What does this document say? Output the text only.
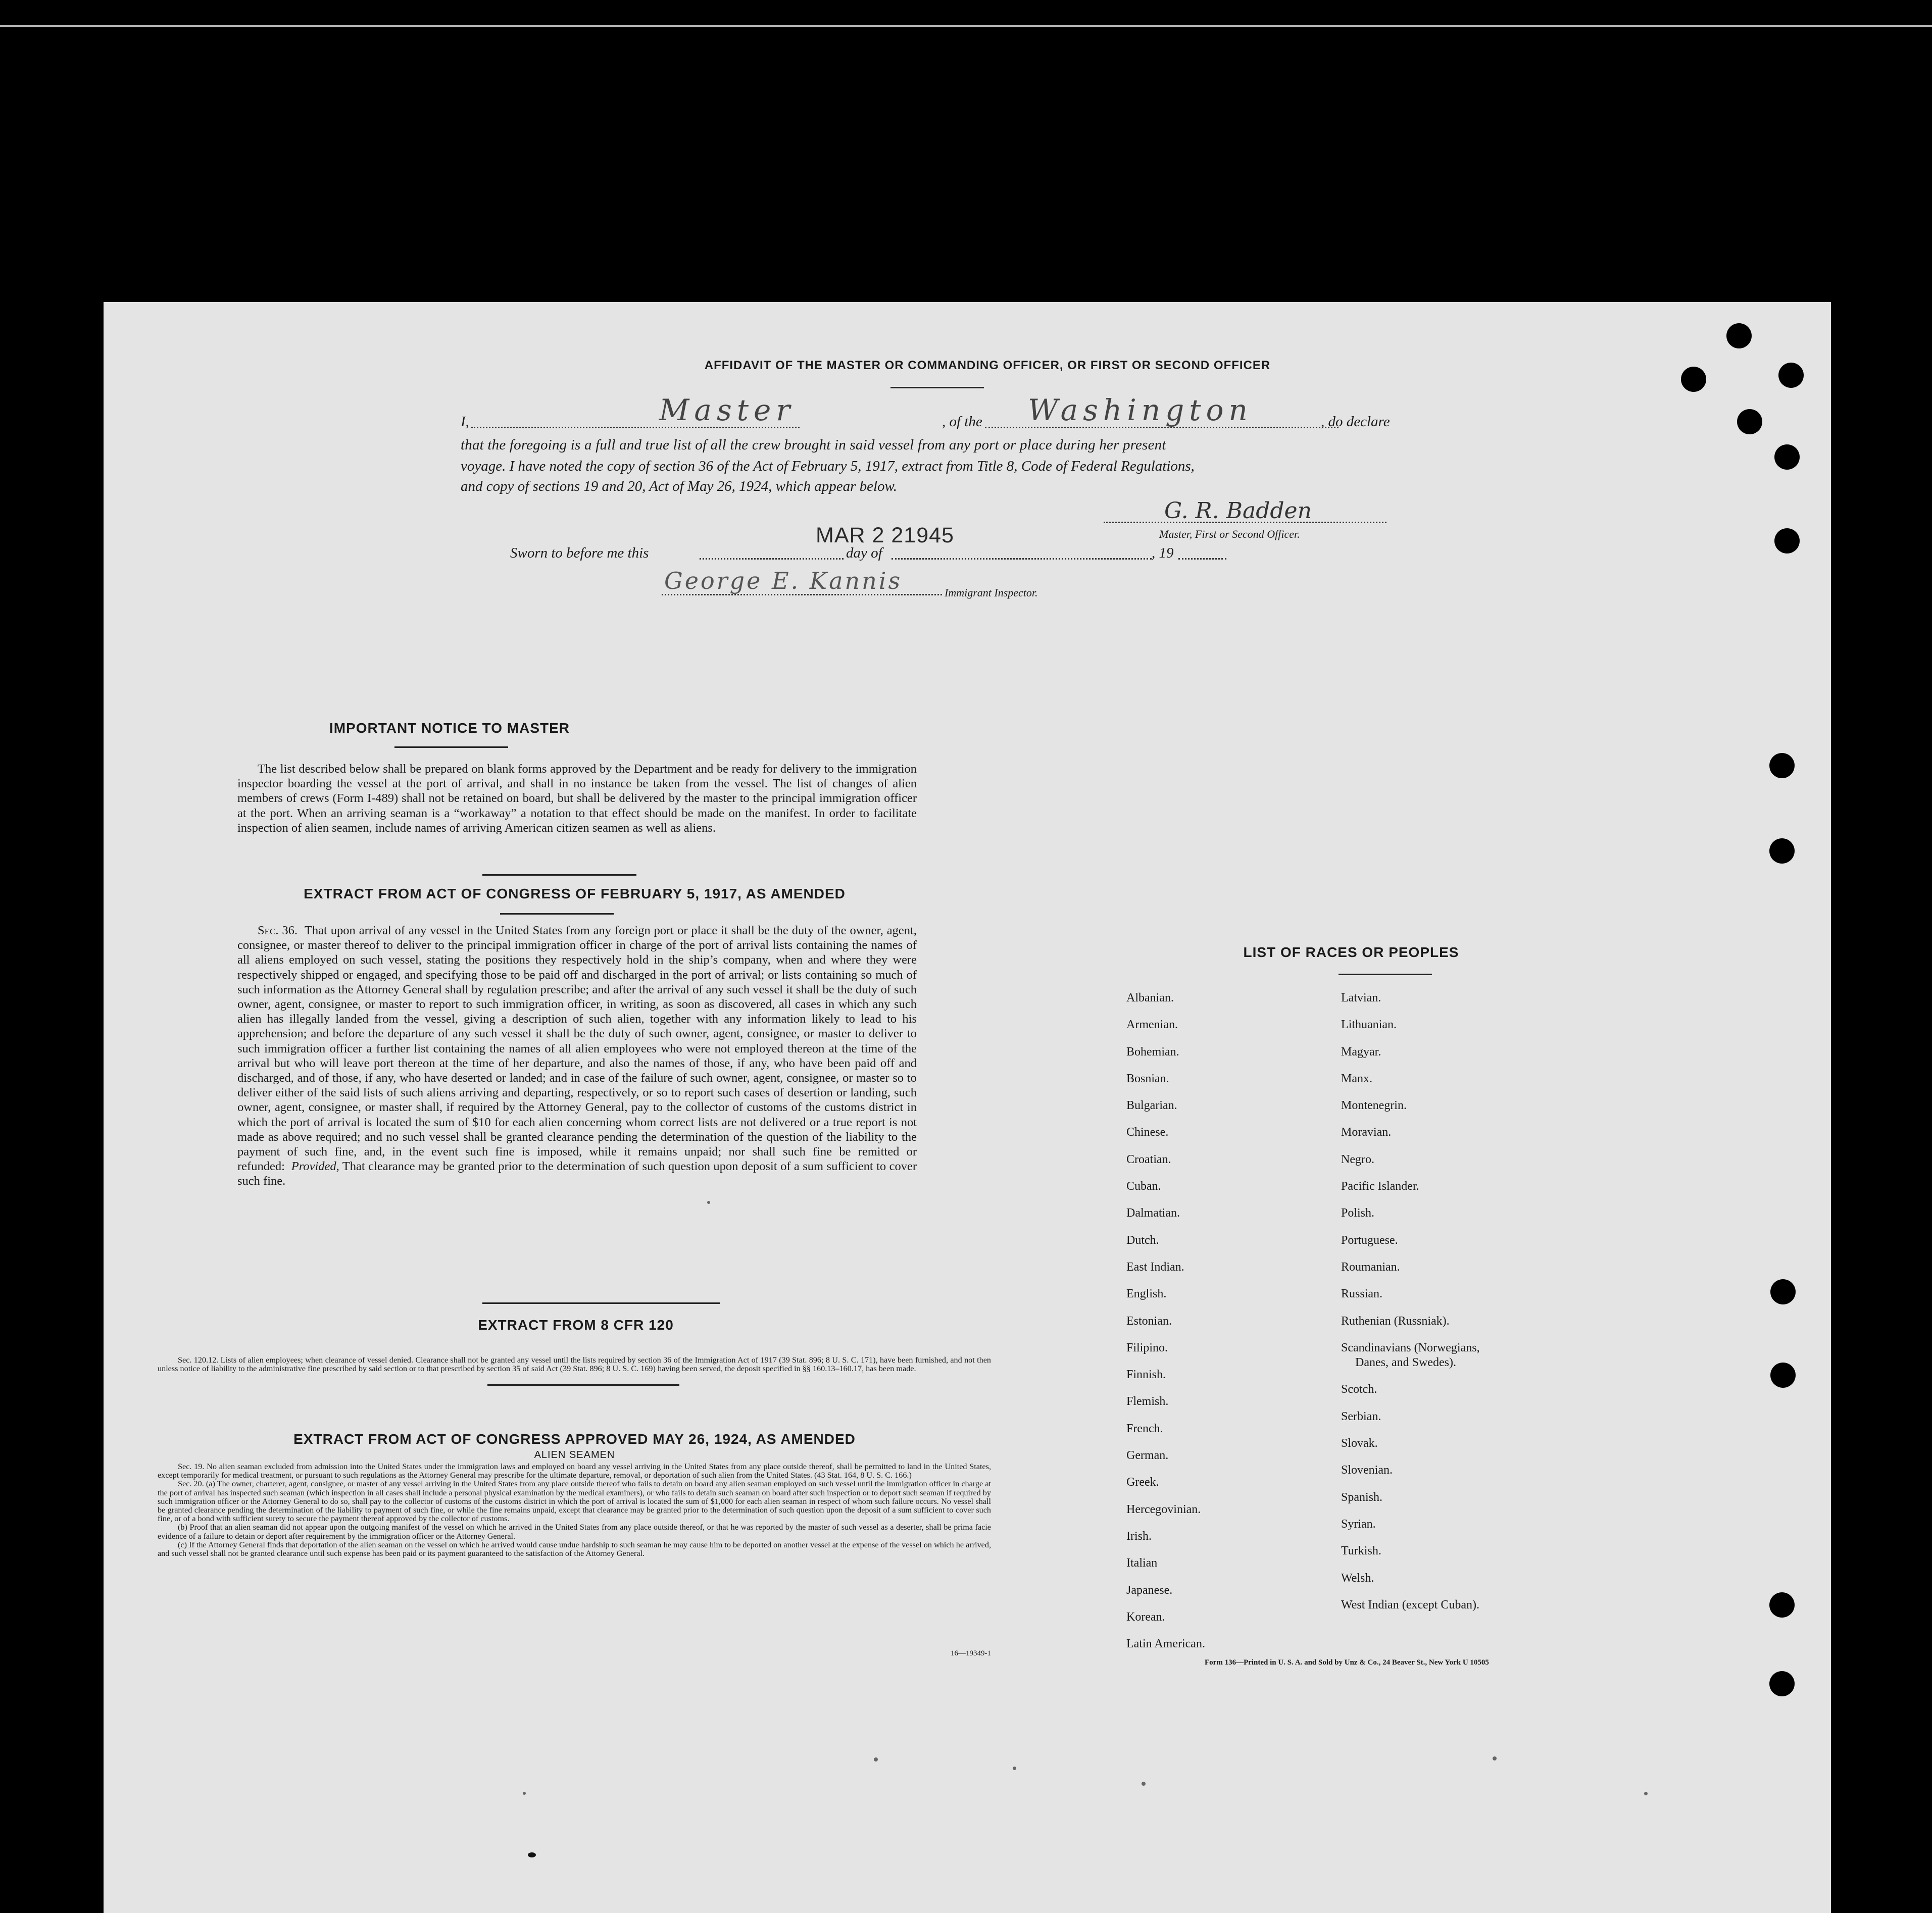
AFFIDAVIT OF THE MASTER OR COMMANDING OFFICER, OR FIRST OR SECOND OFFICER
I,	Master	, of the Washington	, do declare
that the foregoing is a full and true list of all the crew brought in said vessel from any port or place during her present
voyage. I have noted the copy of section 36 of the Act of February 5, 1917, extract from Title 8, Code of Federal Regulations,
and copy of sections 19 and 20, Act of May 26, 1924, which appear below.
G. R. Badden
Master, First or Second Officer.
MAR 2 21945
Sworn to before me this	day of	, 19
George E. Kannis	Immigrant Inspector.
IMPORTANT NOTICE TO MASTER

The list described below shall be prepared on blank forms approved by the Department and be ready for delivery to the immigration inspector boarding the vessel at the port of arrival, and shall in no instance be taken from the vessel. The list of changes of alien members of crews (Form I-489) shall not be retained on board, but shall be delivered by the master to the principal immigration officer at the port. When an arriving seaman is a “workaway” a notation to that effect should be made on the manifest. In order to facilitate inspection of alien seamen, include names of arriving American citizen seamen as well as aliens.

EXTRACT FROM ACT OF CONGRESS OF FEBRUARY 5, 1917, AS AMENDED

Sec. 36. That upon arrival of any vessel in the United States from any foreign port or place it shall be the duty of the owner, agent, consignee, or master thereof to deliver to the principal immigration officer in charge of the port of arrival lists containing the names of all aliens employed on such vessel, stating the positions they respectively hold in the ship’s company, when and where they were respectively shipped or engaged, and specifying those to be paid off and discharged in the port of arrival; or lists containing so much of such information as the Attorney General shall by regulation prescribe; and after the arrival of any such vessel it shall be the duty of such owner, agent, consignee, or master to report to such immigration officer, in writing, as soon as discovered, all cases in which any such alien has illegally landed from the vessel, giving a description of such alien, together with any information likely to lead to his apprehension; and before the departure of any such vessel it shall be the duty of such owner, agent, consignee, or master to deliver to such immigration officer a further list containing the names of all alien employees who were not employed thereon at the time of the arrival but who will leave port thereon at the time of her departure, and also the names of those, if any, who have been paid off and discharged, and of those, if any, who have deserted or landed; and in case of the failure of such owner, agent, consignee, or master so to deliver either of the said lists of such aliens arriving and departing, respectively, or so to report such cases of desertion or landing, such owner, agent, consignee, or master shall, if required by the Attorney General, pay to the collector of customs of the customs district in which the port of arrival is located the sum of $10 for each alien concerning whom correct lists are not delivered or a true report is not made as above required; and no such vessel shall be granted clearance pending the determination of the question of the liability to the payment of such fine, and, in the event such fine is imposed, while it remains unpaid; nor shall such fine be remitted or refunded: Provided, That clearance may be granted prior to the determination of such question upon deposit of a sum sufficient to cover such fine.

EXTRACT FROM 8 CFR 120

Sec. 120.12. Lists of alien employees; when clearance of vessel denied. Clearance shall not be granted any vessel until the lists required by section 36 of the Immigration Act of 1917 (39 Stat. 896; 8 U. S. C. 171), have been furnished, and not then unless notice of liability to the administrative fine prescribed by said section or to that prescribed by section 35 of said Act (39 Stat. 896; 8 U. S. C. 169) having been served, the deposit specified in §§ 160.13–160.17, has been made.

EXTRACT FROM ACT OF CONGRESS APPROVED MAY 26, 1924, AS AMENDED
ALIEN SEAMEN

Sec. 19. No alien seaman excluded from admission into the United States under the immigration laws and employed on board any vessel arriving in the United States from any place outside thereof, shall be permitted to land in the United States, except temporarily for medical treatment, or pursuant to such regulations as the Attorney General may prescribe for the ultimate departure, removal, or deportation of such alien from the United States. (43 Stat. 164, 8 U. S. C. 166.)

Sec. 20. (a) The owner, charterer, agent, consignee, or master of any vessel arriving in the United States from any place outside thereof who fails to detain on board any alien seaman employed on such vessel until the immigration officer in charge at the port of arrival has inspected such seaman (which inspection in all cases shall include a personal physical examination by the medical examiners), or who fails to detain such seaman on board after such inspection or to deport such seaman if required by such immigration officer or the Attorney General to do so, shall pay to the collector of customs of the customs district in which the port of arrival is located the sum of $1,000 for each alien seaman in respect of whom such failure occurs. No vessel shall be granted clearance pending the determination of the liability to payment of such fine, or while the fine remains unpaid, except that clearance may be granted prior to the determination of such question upon the deposit of a sum sufficient to cover such fine, or of a bond with sufficient surety to secure the payment thereof approved by the collector of customs.

(b) Proof that an alien seaman did not appear upon the outgoing manifest of the vessel on which he arrived in the United States from any place outside thereof, or that he was reported by the master of such vessel as a deserter, shall be prima facie evidence of a failure to detain or deport after requirement by the immigration officer or the Attorney General.

(c) If the Attorney General finds that deportation of the alien seaman on the vessel on which he arrived would cause undue hardship to such seaman he may cause him to be deported on another vessel at the expense of the vessel on which he arrived, and such vessel shall not be granted clearance until such expense has been paid or its payment guaranteed to the satisfaction of the Attorney General.

16—19349-1
LIST OF RACES OR PEOPLES
Albanian.
Armenian.
Bohemian.
Bosnian.
Bulgarian.
Chinese.
Croatian.
Cuban.
Dalmatian.
Dutch.
East Indian.
English.
Estonian.
Filipino.
Finnish.
Flemish.
French.
German.
Greek.
Hercegovinian.
Irish.
Italian
Japanese.
Korean.
Latin American.
Latvian.
Lithuanian.
Magyar.
Manx.
Montenegrin.
Moravian.
Negro.
Pacific Islander.
Polish.
Portuguese.
Roumanian.
Russian.
Ruthenian (Russniak).
Scandinavians (Norwegians,
Danes, and Swedes).
Scotch.
Serbian.
Slovak.
Slovenian.
Spanish.
Syrian.
Turkish.
Welsh.
West Indian (except Cuban).
Form 136—Printed in U. S. A. and Sold by Unz & Co., 24 Beaver St., New York U 10505
